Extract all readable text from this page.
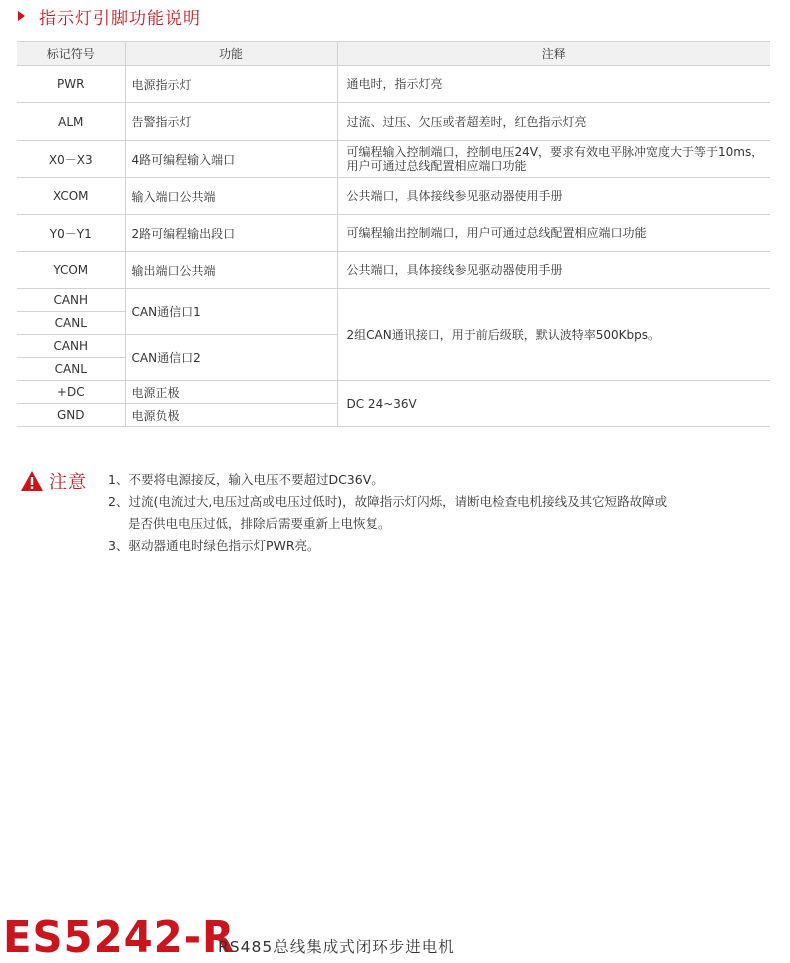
指示灯引脚功能说明
标记符号	功能	注释
PWR	电源指示灯	通电时，指示灯亮
ALM	告警指示灯	过流、过压、欠压或者超差时，红色指示灯亮
X0－X3	4路可编程输入端口	可编程输入控制端口，控制电压24V，要求有效电平脉冲宽度大于等于10ms，用户可通过总线配置相应端口功能
XCOM	输入端口公共端	公共端口，具体接线参见驱动器使用手册
Y0－Y1	2路可编程输出段口	可编程输出控制端口，用户可通过总线配置相应端口功能
YCOM	输出端口公共端	公共端口，具体接线参见驱动器使用手册
CANH	CAN通信口1	2组CAN通讯接口，用于前后级联，默认波特率500Kbps。
CANL		
CANH	CAN通信口2	
CANL		
+DC	电源正极	DC 24~36V
GND	电源负极	
注意 1、不要将电源接反，输入电压不要超过DC36V。
2、过流(电流过大,电压过高或电压过低时)，故障指示灯闪烁，请断电检查电机接线及其它短路故障或
是否供电电压过低，排除后需要重新上电恢复。
3、驱动器通电时绿色指示灯PWR亮。
ES5242-R
RS485总线集成式闭环步进电机
